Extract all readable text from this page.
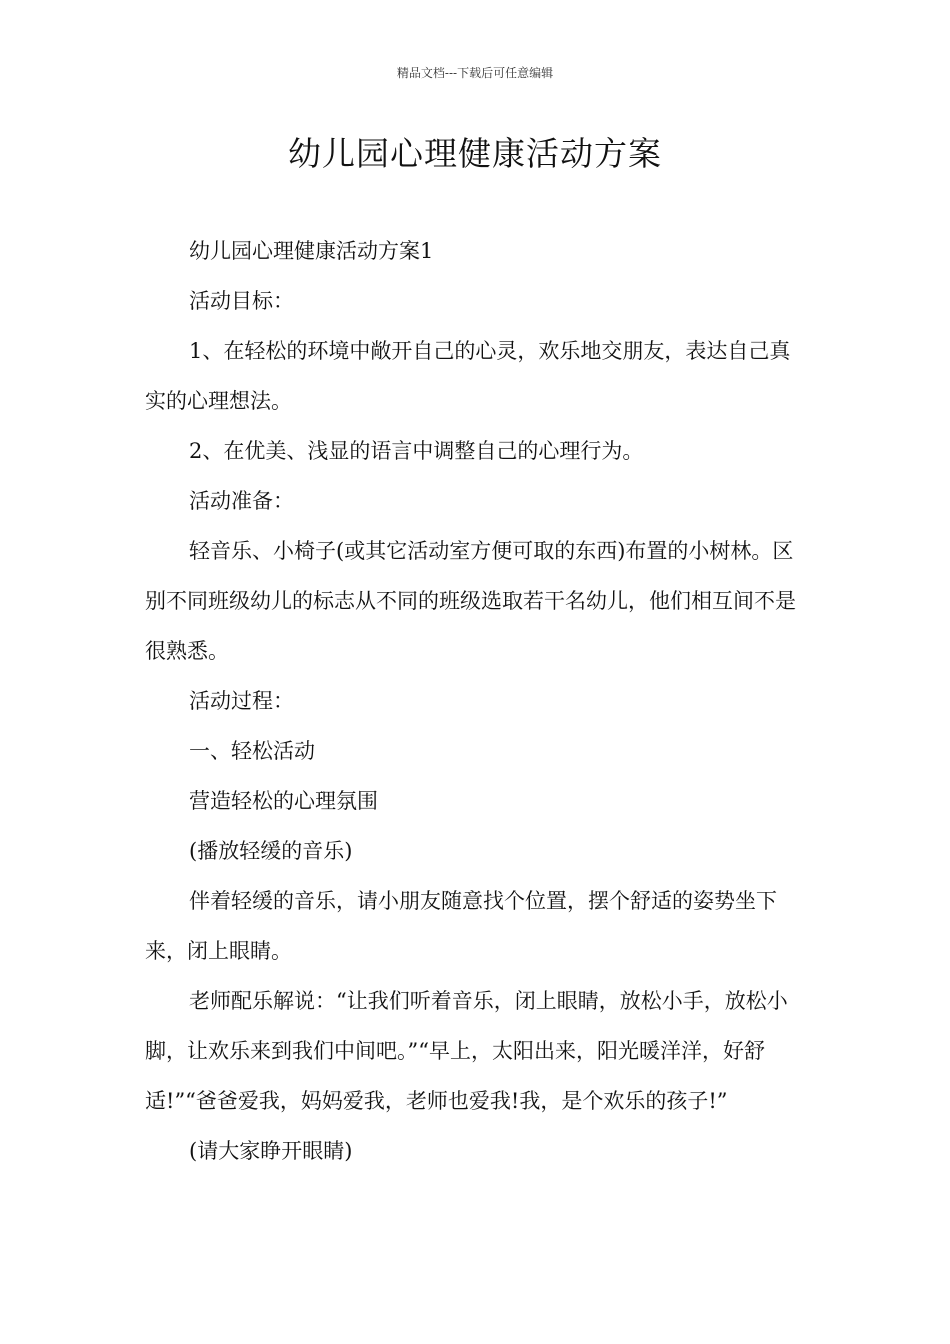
精品文档---下载后可任意编辑
幼儿园心理健康活动方案

幼儿园心理健康活动方案1

活动目标：

1、在轻松的环境中敞开自己的心灵，欢乐地交朋友，表达自己真实的心理想法。

2、在优美、浅显的语言中调整自己的心理行为。

活动准备：

轻音乐、小椅子(或其它活动室方便可取的东西)布置的小树林。区别不同班级幼儿的标志从不同的班级选取若干名幼儿，他们相互间不是很熟悉。

活动过程：

一、轻松活动

营造轻松的心理氛围

(播放轻缓的音乐)

伴着轻缓的音乐，请小朋友随意找个位置，摆个舒适的姿势坐下来，闭上眼睛。

老师配乐解说：“让我们听着音乐，闭上眼睛，放松小手，放松小脚，让欢乐来到我们中间吧。”“早上，太阳出来，阳光暖洋洋，好舒适!”“爸爸爱我，妈妈爱我，老师也爱我!我，是个欢乐的孩子!”

(请大家睁开眼睛)
